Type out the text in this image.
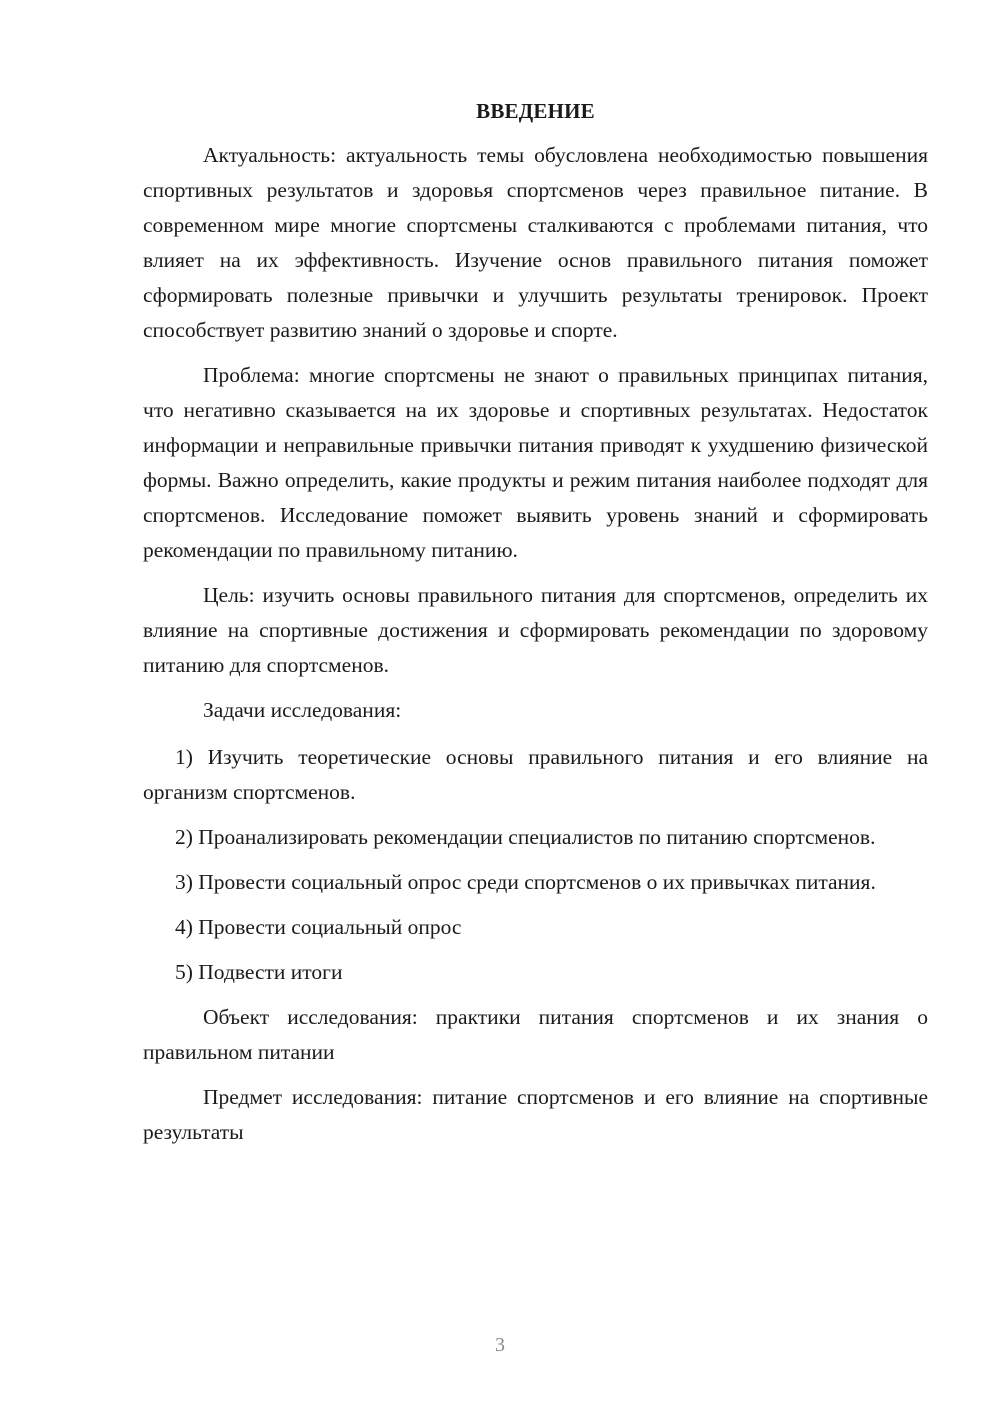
ВВЕДЕНИЕ

Актуальность: актуальность темы обусловлена необходимостью повышения спортивных результатов и здоровья спортсменов через правильное питание. В современном мире многие спортсмены сталкиваются с проблемами питания, что влияет на их эффективность. Изучение основ правильного питания поможет сформировать полезные привычки и улучшить результаты тренировок. Проект способствует развитию знаний о здоровье и спорте.

Проблема: многие спортсмены не знают о правильных принципах питания, что негативно сказывается на их здоровье и спортивных результатах. Недостаток информации и неправильные привычки питания приводят к ухудшению физической формы. Важно определить, какие продукты и режим питания наиболее подходят для спортсменов. Исследование поможет выявить уровень знаний и сформировать рекомендации по правильному питанию.

Цель: изучить основы правильного питания для спортсменов, определить их влияние на спортивные достижения и сформировать рекомендации по здоровому питанию для спортсменов.

Задачи исследования:

1) Изучить теоретические основы правильного питания и его влияние на организм спортсменов.

2) Проанализировать рекомендации специалистов по питанию спортсменов.

3) Провести социальный опрос среди спортсменов о их привычках питания.

4) Провести социальный опрос

5) Подвести итоги

Объект исследования: практики питания спортсменов и их знания о правильном питании

Предмет исследования: питание спортсменов и его влияние на спортивные результаты

3
